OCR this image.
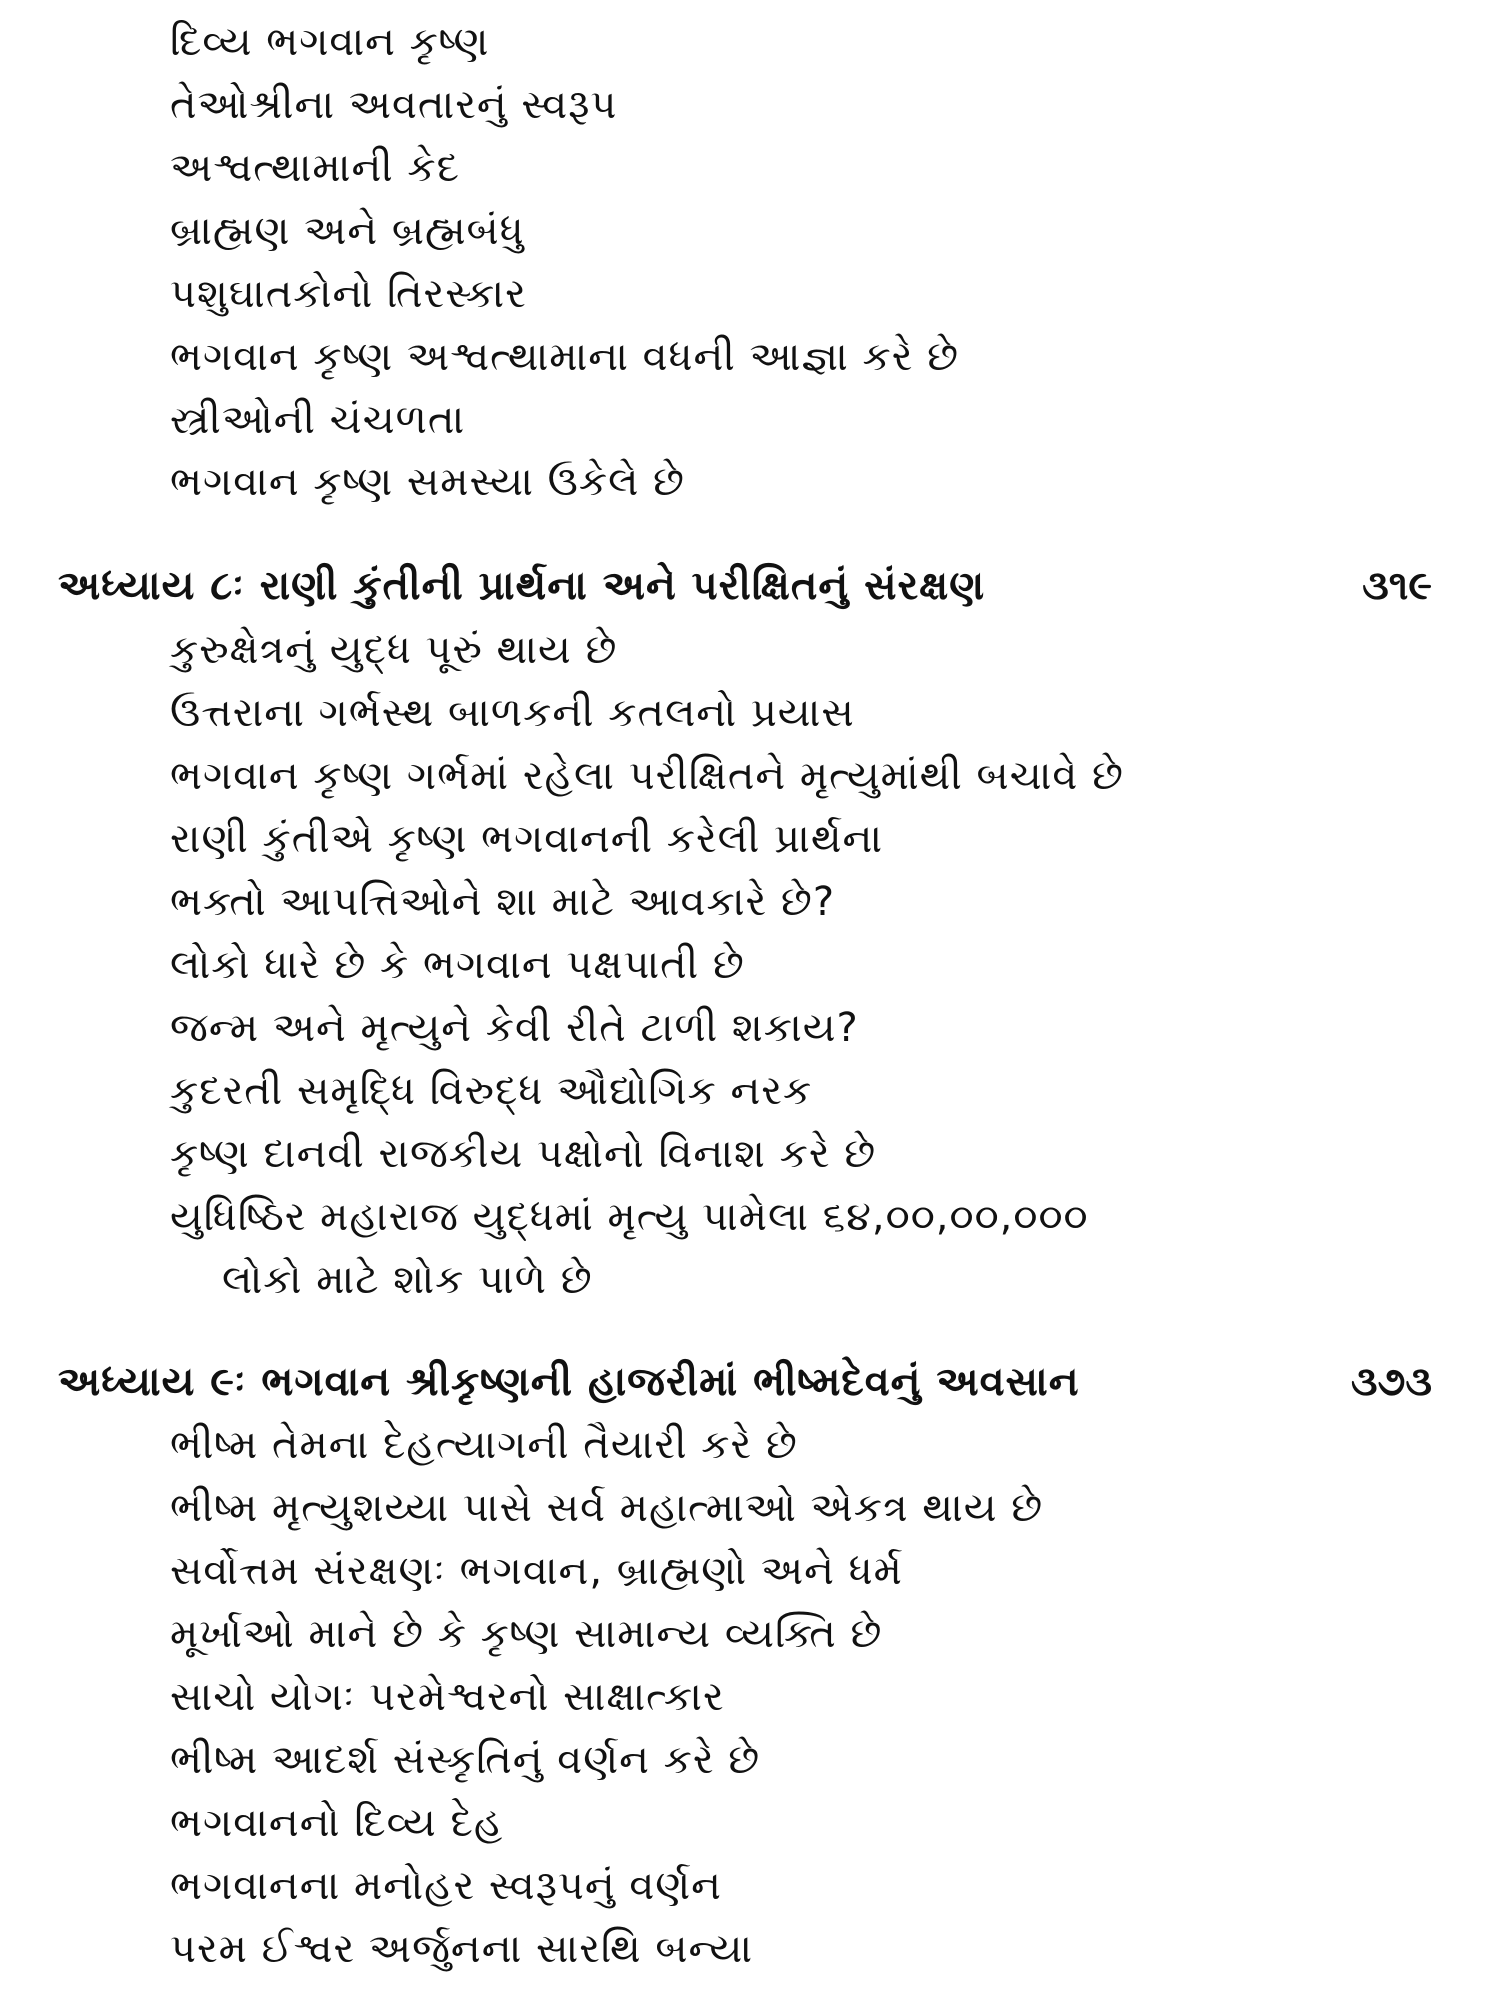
દિવ્ય ભગવાન કૃષ્ણ
તેઓશ્રીના અવતારનું સ્વરૂપ
અશ્વત્થામાની કેદ
બ્રાહ્મણ અને બ્રહ્મબંધુ
પશુઘાતકોનો તિરસ્કાર
ભગવાન કૃષ્ણ અશ્વત્થામાના વધની આજ્ઞા કરે છે
સ્ત્રીઓની ચંચળતા
ભગવાન કૃષ્ણ સમસ્યા ઉકેલે છે
અધ્યાય ૮ઃ રાણી કુંતીની પ્રાર્થના અને પરીક્ષિતનું સંરક્ષણ	૩૧૯
કુરુક્ષેત્રનું યુદ્ધ પૂરું થાય છે
ઉત્તરાના ગર્ભસ્થ બાળકની કતલનો પ્રયાસ
ભગવાન કૃષ્ણ ગર્ભમાં રહેલા પરીક્ષિતને મૃત્યુમાંથી બચાવે છે
રાણી કુંતીએ કૃષ્ણ ભગવાનની કરેલી પ્રાર્થના
ભક્તો આપત્તિઓને શા માટે આવકારે છે?
લોકો ધારે છે કે ભગવાન પક્ષપાતી છે
જન્મ અને મૃત્યુને કેવી રીતે ટાળી શકાય?
કુદરતી સમૃદ્ધિ વિરુદ્ધ ઔદ્યોગિક નરક
કૃષ્ણ દાનવી રાજકીય પક્ષોનો વિનાશ કરે છે
યુધિષ્ઠિર મહારાજ યુદ્ધમાં મૃત્યુ પામેલા ૬૪,૦૦,૦૦,૦૦૦
લોકો માટે શોક પાળે છે
અધ્યાય ૯ઃ ભગવાન શ્રીકૃષ્ણની હાજરીમાં ભીષ્મદેવનું અવસાન	૩૭૩
ભીષ્મ તેમના દેહત્યાગની તૈયારી કરે છે
ભીષ્મ મૃત્યુશય્યા પાસે સર્વ મહાત્માઓ એકત્ર થાય છે
સર્વોત્તમ સંરક્ષણઃ ભગવાન, બ્રાહ્મણો અને ધર્મ
મૂર્ખાઓ માને છે કે કૃષ્ણ સામાન્ય વ્યક્તિ છે
સાચો યોગઃ પરમેશ્વરનો સાક્ષાત્કાર
ભીષ્મ આદર્શ સંસ્કૃતિનું વર્ણન કરે છે
ભગવાનનો દિવ્ય દેહ
ભગવાનના મનોહર સ્વરૂપનું વર્ણન
પરમ ઈશ્વર અર્જુનના સારથિ બન્યા
